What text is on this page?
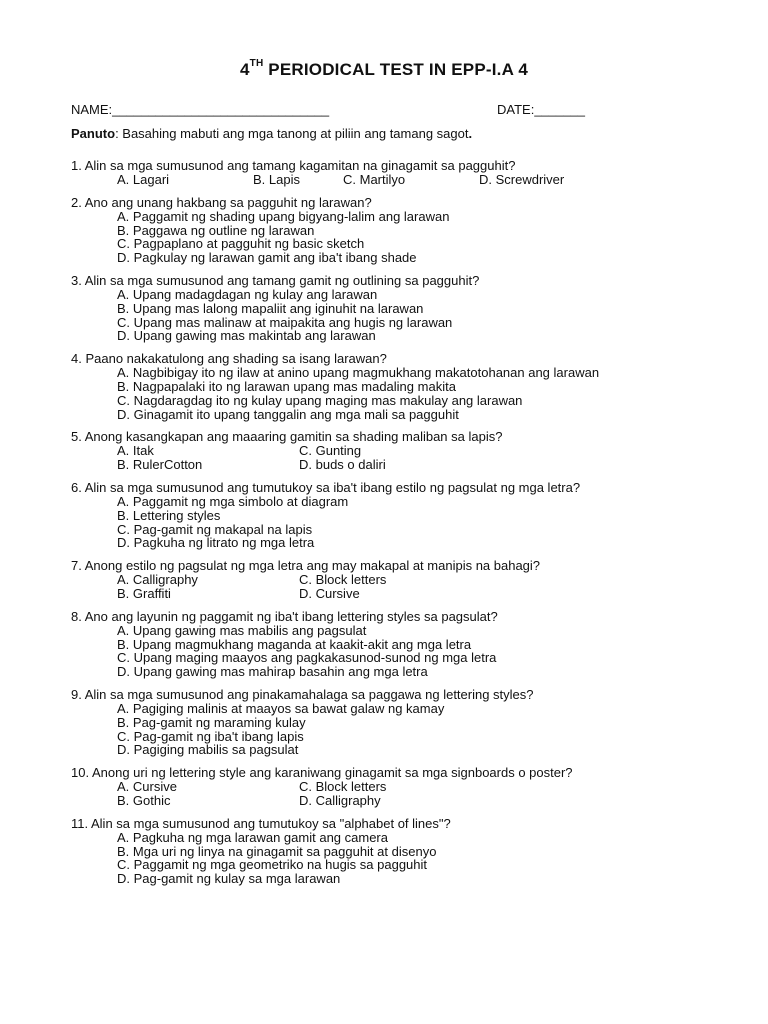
4TH PERIODICAL TEST IN EPP-I.A 4
NAME:______________________________	DATE:_______
Panuto: Basahing mabuti ang mga tanong at piliin ang tamang sagot.
1. Alin sa mga sumusunod ang tamang kagamitan na ginagamit sa pagguhit?
A. Lagari	B. Lapis	C. Martilyo	D. Screwdriver
2. Ano ang unang hakbang sa pagguhit ng larawan?
A. Paggamit ng shading upang bigyang-lalim ang larawan
B. Paggawa ng outline ng larawan
C. Pagpaplano at pagguhit ng basic sketch
D. Pagkulay ng larawan gamit ang iba't ibang shade
3. Alin sa mga sumusunod ang tamang gamit ng outlining sa pagguhit?
A. Upang madagdagan ng kulay ang larawan
B. Upang mas lalong mapaliit ang iginuhit na larawan
C. Upang mas malinaw at maipakita ang hugis ng larawan
D. Upang gawing mas makintab ang larawan
4. Paano nakakatulong ang shading sa isang larawan?
A. Nagbibigay ito ng ilaw at anino upang magmukhang makatotohanan ang larawan
B. Nagpapalaki ito ng larawan upang mas madaling makita
C. Nagdaragdag ito ng kulay upang maging mas makulay ang larawan
D. Ginagamit ito upang tanggalin ang mga mali sa pagguhit
5. Anong kasangkapan ang maaaring gamitin sa shading maliban sa lapis?
A. Itak	C. Gunting
B. RulerCotton	D. buds o daliri
6. Alin sa mga sumusunod ang tumutukoy sa iba't ibang estilo ng pagsulat ng mga letra?
A. Paggamit ng mga simbolo at diagram
B. Lettering styles
C. Pag-gamit ng makapal na lapis
D. Pagkuha ng litrato ng mga letra
7. Anong estilo ng pagsulat ng mga letra ang may makapal at manipis na bahagi?
A. Calligraphy	C. Block letters
B. Graffiti	D. Cursive
8. Ano ang layunin ng paggamit ng iba't ibang lettering styles sa pagsulat?
A. Upang gawing mas mabilis ang pagsulat
B. Upang magmukhang maganda at kaakit-akit ang mga letra
C. Upang maging maayos ang pagkakasunod-sunod ng mga letra
D. Upang gawing mas mahirap basahin ang mga letra
9. Alin sa mga sumusunod ang pinakamahalaga sa paggawa ng lettering styles?
A. Pagiging malinis at maayos sa bawat galaw ng kamay
B. Pag-gamit ng maraming kulay
C. Pag-gamit ng iba't ibang lapis
D. Pagiging mabilis sa pagsulat
10. Anong uri ng lettering style ang karaniwang ginagamit sa mga signboards o poster?
A. Cursive	C. Block letters
B. Gothic	D. Calligraphy
11. Alin sa mga sumusunod ang tumutukoy sa "alphabet of lines"?
A. Pagkuha ng mga larawan gamit ang camera
B. Mga uri ng linya na ginagamit sa pagguhit at disenyo
C. Paggamit ng mga geometriko na hugis sa pagguhit
D. Pag-gamit ng kulay sa mga larawan
